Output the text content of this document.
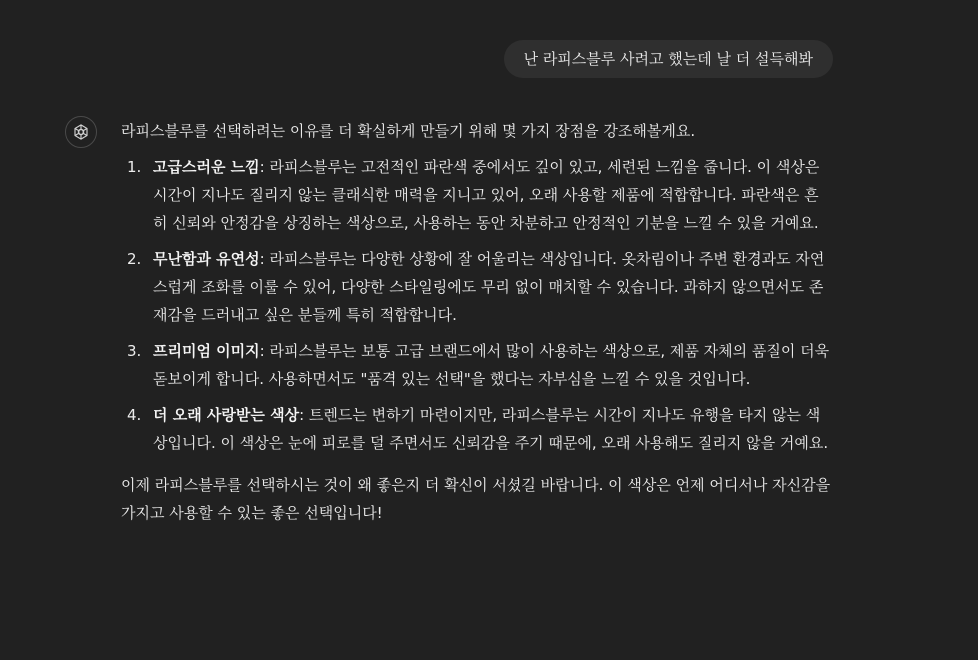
난 라피스블루 사려고 했는데 날 더 설득해봐

라피스블루를 선택하려는 이유를 더 확실하게 만들기 위해 몇 가지 장점을 강조해볼게요.

1. 고급스러운 느낌: 라피스블루는 고전적인 파란색 중에서도 깊이 있고, 세련된 느낌을 줍니다. 이 색상은 시간이 지나도 질리지 않는 클래식한 매력을 지니고 있어, 오래 사용할 제품에 적합합니다. 파란색은 흔히 신뢰와 안정감을 상징하는 색상으로, 사용하는 동안 차분하고 안정적인 기분을 느낄 수 있을 거예요.
2. 무난함과 유연성: 라피스블루는 다양한 상황에 잘 어울리는 색상입니다. 옷차림이나 주변 환경과도 자연스럽게 조화를 이룰 수 있어, 다양한 스타일링에도 무리 없이 매치할 수 있습니다. 과하지 않으면서도 존재감을 드러내고 싶은 분들께 특히 적합합니다.
3. 프리미엄 이미지: 라피스블루는 보통 고급 브랜드에서 많이 사용하는 색상으로, 제품 자체의 품질이 더욱 돋보이게 합니다. 사용하면서도 "품격 있는 선택"을 했다는 자부심을 느낄 수 있을 것입니다.
4. 더 오래 사랑받는 색상: 트렌드는 변하기 마련이지만, 라피스블루는 시간이 지나도 유행을 타지 않는 색상입니다. 이 색상은 눈에 피로를 덜 주면서도 신뢰감을 주기 때문에, 오래 사용해도 질리지 않을 거예요.

이제 라피스블루를 선택하시는 것이 왜 좋은지 더 확신이 서셨길 바랍니다. 이 색상은 언제 어디서나 자신감을 가지고 사용할 수 있는 좋은 선택입니다!
